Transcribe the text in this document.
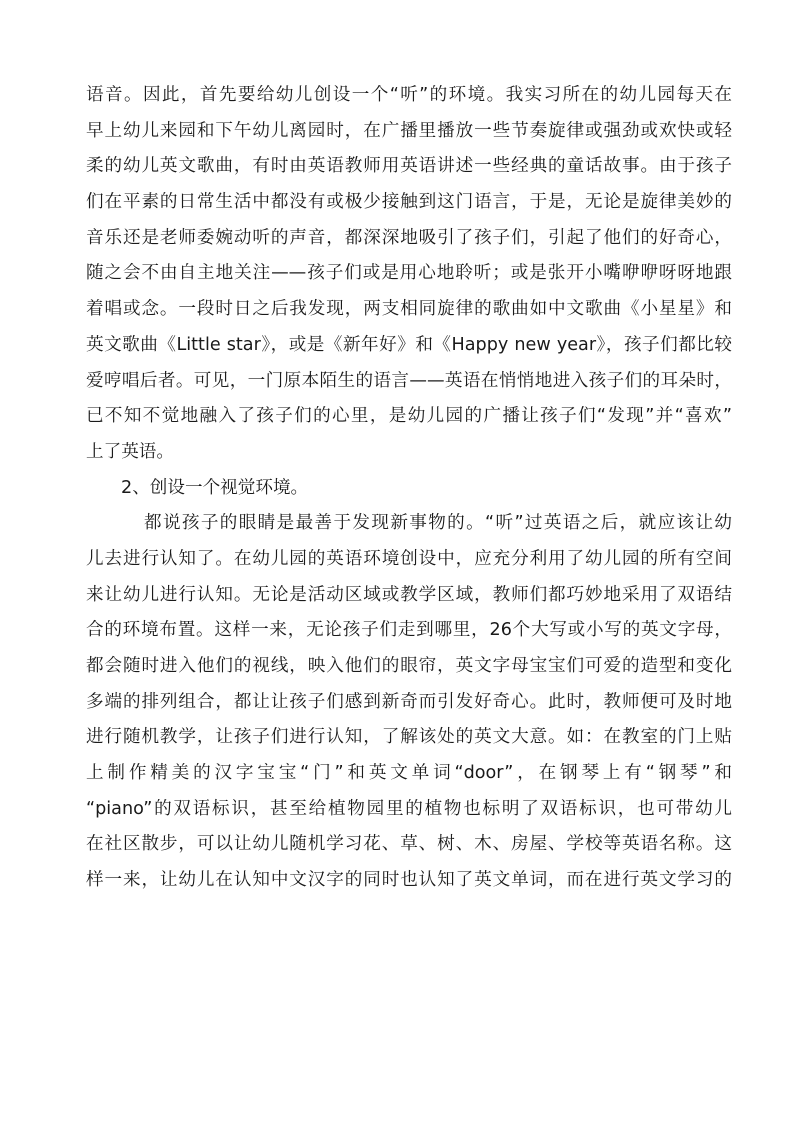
语音。因此，首先要给幼儿创设一个“听”的环境。我实习所在的幼儿园每天在
早上幼儿来园和下午幼儿离园时，在广播里播放一些节奏旋律或强劲或欢快或轻
柔的幼儿英文歌曲，有时由英语教师用英语讲述一些经典的童话故事。由于孩子
们在平素的日常生活中都没有或极少接触到这门语言，于是，无论是旋律美妙的
音乐还是老师委婉动听的声音，都深深地吸引了孩子们，引起了他们的好奇心，
随之会不由自主地关注——孩子们或是用心地聆听；或是张开小嘴咿咿呀呀地跟
着唱或念。一段时日之后我发现，两支相同旋律的歌曲如中文歌曲《小星星》和
英文歌曲《Little star》，或是《新年好》和《Happy new year》，孩子们都比较
爱哼唱后者。可见，一门原本陌生的语言——英语在悄悄地进入孩子们的耳朵时，
已不知不觉地融入了孩子们的心里，是幼儿园的广播让孩子们“发现”并“喜欢”
上了英语。
2、创设一个视觉环境。
都说孩子的眼睛是最善于发现新事物的。“听”过英语之后，就应该让幼
儿去进行认知了。在幼儿园的英语环境创设中，应充分利用了幼儿园的所有空间
来让幼儿进行认知。无论是活动区域或教学区域，教师们都巧妙地采用了双语结
合的环境布置。这样一来，无论孩子们走到哪里，26个大写或小写的英文字母，
都会随时进入他们的视线，映入他们的眼帘，英文字母宝宝们可爱的造型和变化
多端的排列组合，都让让孩子们感到新奇而引发好奇心。此时，教师便可及时地
进行随机教学，让孩子们进行认知，了解该处的英文大意。如：在教室的门上贴
上制作精美的汉字宝宝“门”和英文单词“door”，在钢琴上有“钢琴”和
“piano”的双语标识，甚至给植物园里的植物也标明了双语标识，也可带幼儿
在社区散步，可以让幼儿随机学习花、草、树、木、房屋、学校等英语名称。这
样一来，让幼儿在认知中文汉字的同时也认知了英文单词，而在进行英文学习的
